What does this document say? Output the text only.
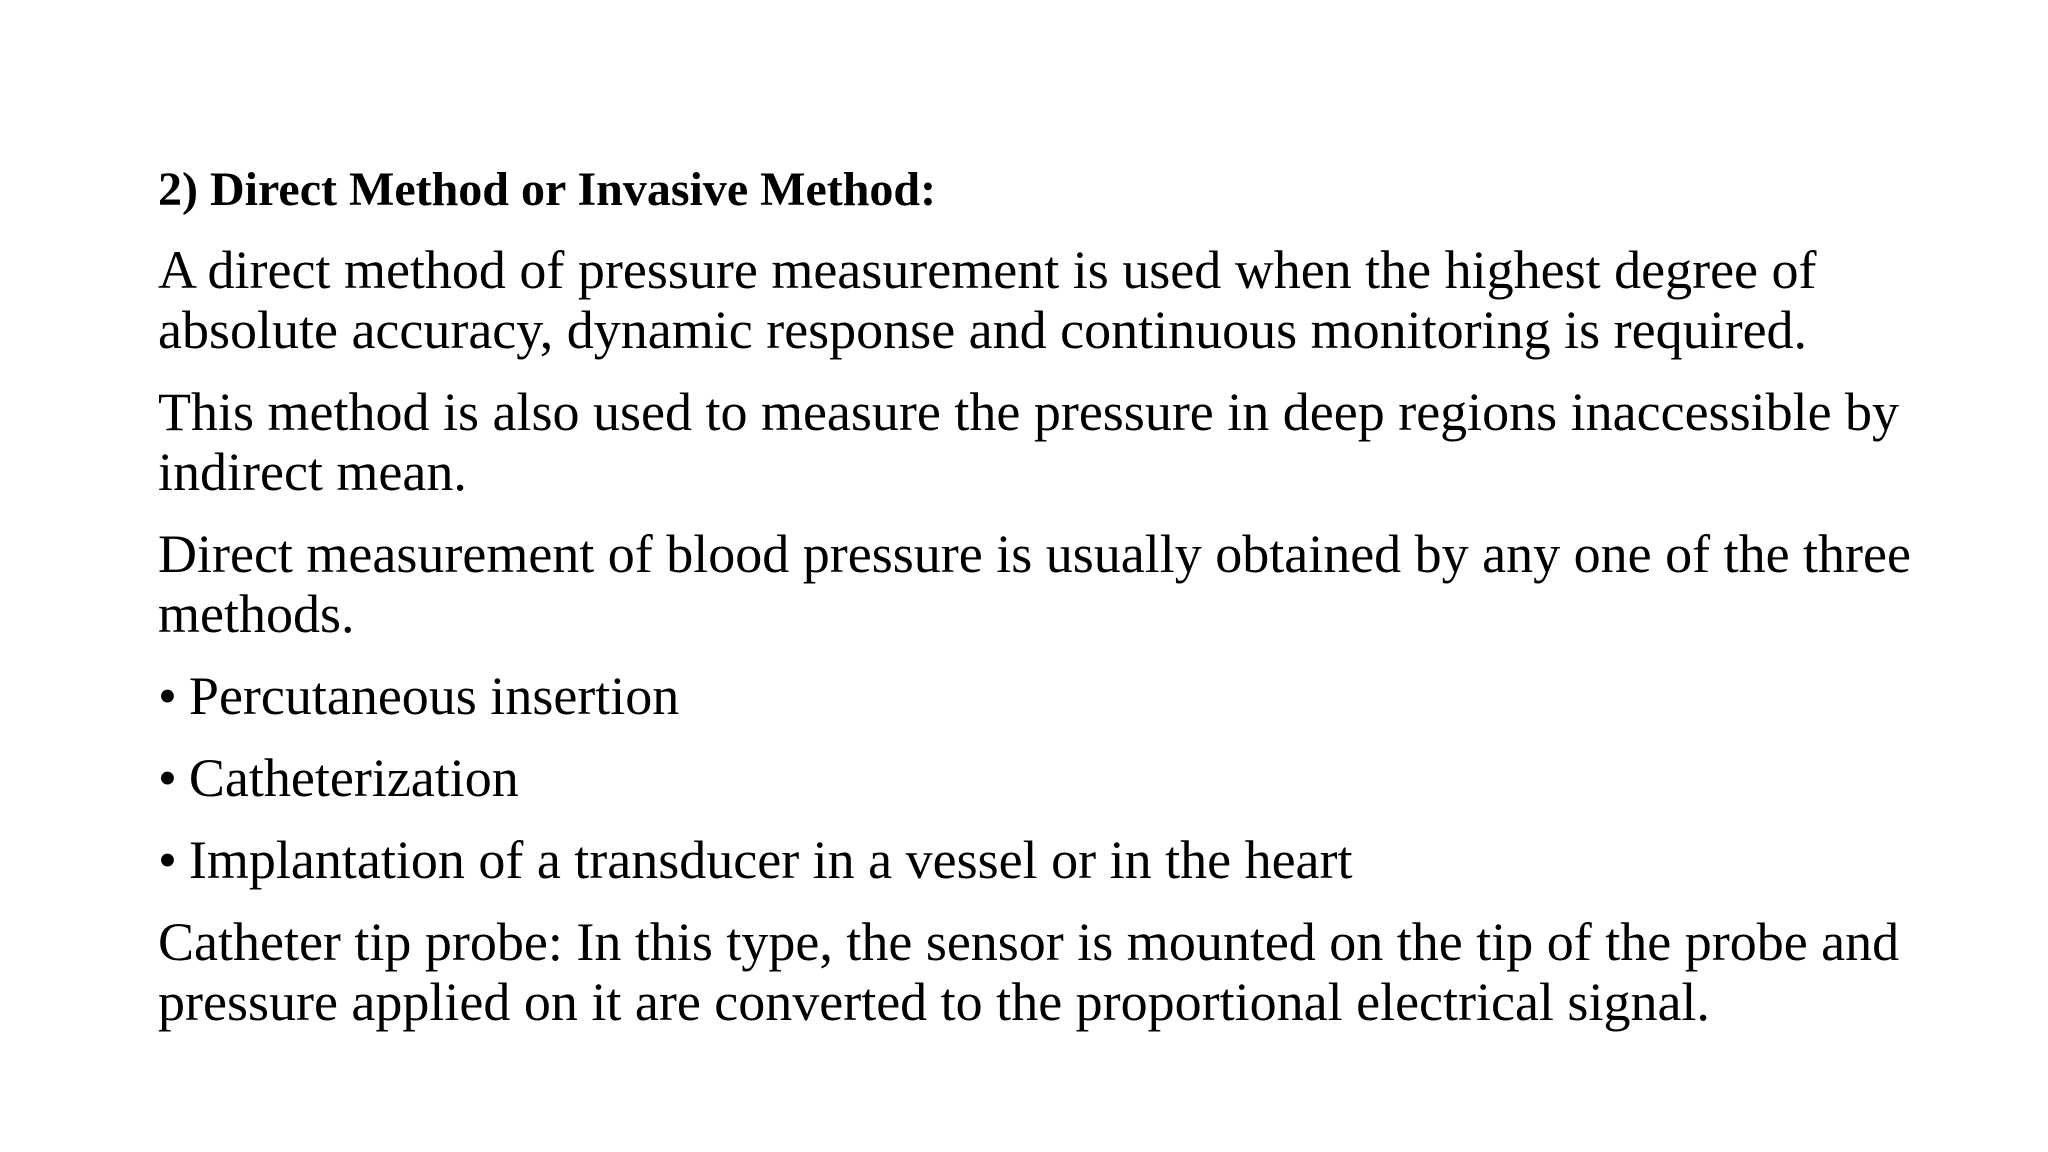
2) Direct Method or Invasive Method:

A direct method of pressure measurement is used when the highest degree of absolute accuracy, dynamic response and continuous monitoring is required.

This method is also used to measure the pressure in deep regions inaccessible by indirect mean.

Direct measurement of blood pressure is usually obtained by any one of the three methods.

• Percutaneous insertion
• Catheterization
• Implantation of a transducer in a vessel or in the heart

Catheter tip probe: In this type, the sensor is mounted on the tip of the probe and pressure applied on it are converted to the proportional electrical signal.
